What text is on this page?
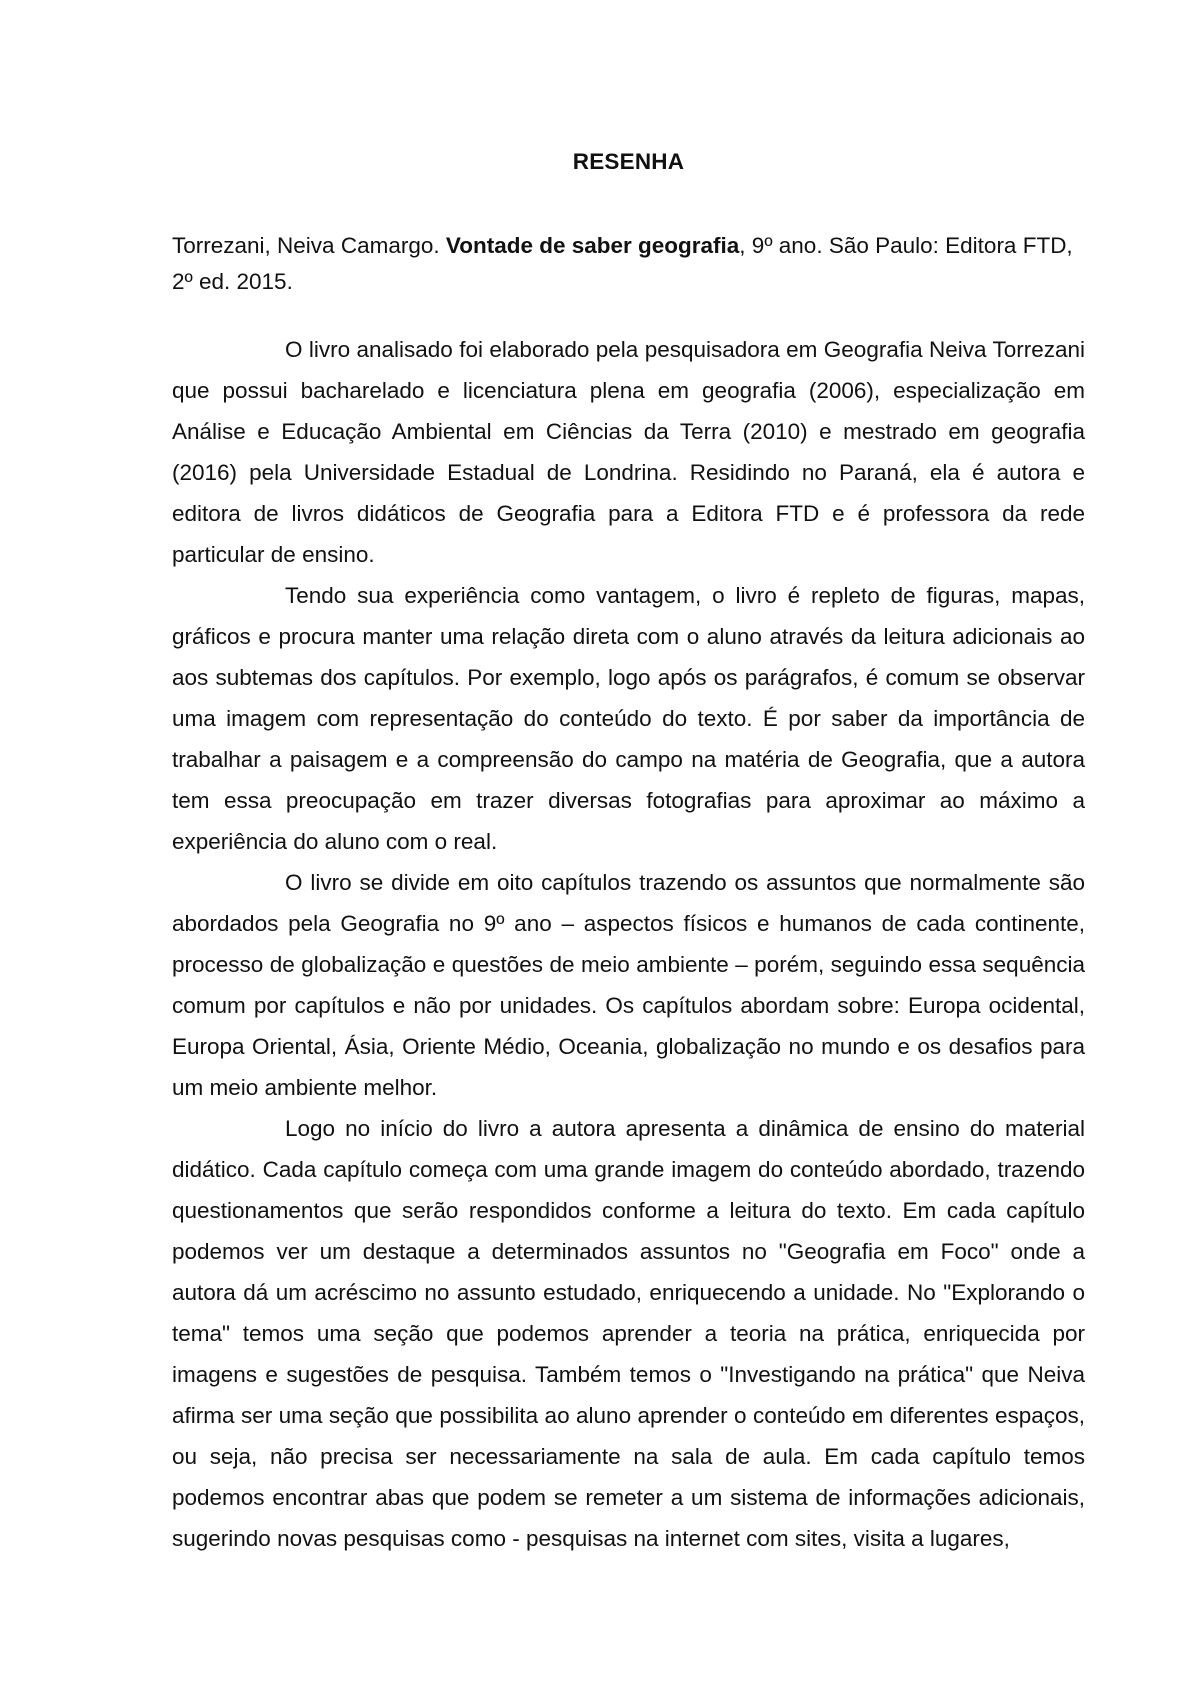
RESENHA

Torrezani, Neiva Camargo. Vontade de saber geografia, 9º ano. São Paulo: Editora FTD, 2º ed. 2015.

O livro analisado foi elaborado pela pesquisadora em Geografia Neiva Torrezani que possui bacharelado e licenciatura plena em geografia (2006), especialização em Análise e Educação Ambiental em Ciências da Terra (2010) e mestrado em geografia (2016) pela Universidade Estadual de Londrina. Residindo no Paraná, ela é autora e editora de livros didáticos de Geografia para a Editora FTD e é professora da rede particular de ensino.

Tendo sua experiência como vantagem, o livro é repleto de figuras, mapas, gráficos e procura manter uma relação direta com o aluno através da leitura adicionais ao aos subtemas dos capítulos. Por exemplo, logo após os parágrafos, é comum se observar uma imagem com representação do conteúdo do texto. É por saber da importância de trabalhar a paisagem e a compreensão do campo na matéria de Geografia, que a autora tem essa preocupação em trazer diversas fotografias para aproximar ao máximo a experiência do aluno com o real.

O livro se divide em oito capítulos trazendo os assuntos que normalmente são abordados pela Geografia no 9º ano – aspectos físicos e humanos de cada continente, processo de globalização e questões de meio ambiente – porém, seguindo essa sequência comum por capítulos e não por unidades. Os capítulos abordam sobre: Europa ocidental, Europa Oriental, Ásia, Oriente Médio, Oceania, globalização no mundo e os desafios para um meio ambiente melhor.

Logo no início do livro a autora apresenta a dinâmica de ensino do material didático. Cada capítulo começa com uma grande imagem do conteúdo abordado, trazendo questionamentos que serão respondidos conforme a leitura do texto. Em cada capítulo podemos ver um destaque a determinados assuntos no "Geografia em Foco" onde a autora dá um acréscimo no assunto estudado, enriquecendo a unidade. No "Explorando o tema" temos uma seção que podemos aprender a teoria na prática, enriquecida por imagens e sugestões de pesquisa. Também temos o "Investigando na prática" que Neiva afirma ser uma seção que possibilita ao aluno aprender o conteúdo em diferentes espaços, ou seja, não precisa ser necessariamente na sala de aula. Em cada capítulo temos podemos encontrar abas que podem se remeter a um sistema de informações adicionais, sugerindo novas pesquisas como - pesquisas na internet com sites, visita a lugares,
